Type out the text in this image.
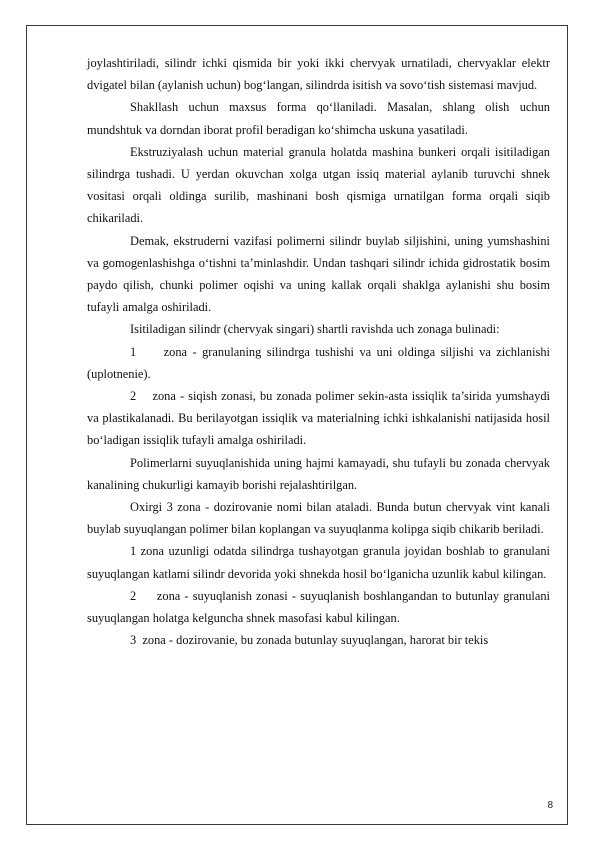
joylashtiriladi, silindr ichki qismida bir yoki ikki chervyak urnatiladi, chervyaklar elektr dvigatel bilan (aylanish uchun) bog‘langan, silindrda isitish va sovo‘tish sistemasi mavjud.

Shakllash uchun maxsus forma qo‘llaniladi. Masalan, shlang olish uchun mundshtuk va dorndan iborat profil beradigan ko‘shimcha uskuna yasatiladi.

Ekstruziyalash uchun material granula holatda mashina bunkeri orqali isitiladigan silindrga tushadi. U yerdan okuvchan xolga utgan issiq material aylanib turuvchi shnek vositasi orqali oldinga surilib, mashinani bosh qismiga urnatilgan forma orqali siqib chikariladi.

Demak, ekstruderni vazifasi polimerni silindr buylab siljishini, uning yumshashini va gomogenlashishga o‘tishni ta’minlashdir. Undan tashqari silindr ichida gidrostatik bosim paydo qilish, chunki polimer oqishi va uning kallak orqali shaklga aylanishi shu bosim tufayli amalga oshiriladi.

Isitiladigan silindr (chervyak singari) shartli ravishda uch zonaga bulinadi:

1 zona - granulaning silindrga tushishi va uni oldinga siljishi va zichlanishi (uplotnenie).

2 zona - siqish zonasi, bu zonada polimer sekin-asta issiqlik ta’sirida yumshaydi va plastikalanadi. Bu berilayotgan issiqlik va materialning ichki ishkalanishi natijasida hosil bo‘ladigan issiqlik tufayli amalga oshiriladi.

Polimerlarni suyuqlanishida uning hajmi kamayadi, shu tufayli bu zonada chervyak kanalining chukurligi kamayib borishi rejalashtirilgan.

Oxirgi 3 zona - dozirovanie nomi bilan ataladi. Bunda butun chervyak vint kanali buylab suyuqlangan polimer bilan koplangan va suyuqlanma kolipga siqib chikarib beriladi.

1 zona uzunligi odatda silindrga tushayotgan granula joyidan boshlab to granulani suyuqlangan katlami silindr devorida yoki shnekda hosil bo‘lganicha uzunlik kabul kilingan.

2 zona - suyuqlanish zonasi - suyuqlanish boshlangandan to butunlay granulani suyuqlangan holatga kelguncha shnek masofasi kabul kilingan.

3 zona - dozirovanie, bu zonada butunlay suyuqlangan, harorat bir tekis

8
